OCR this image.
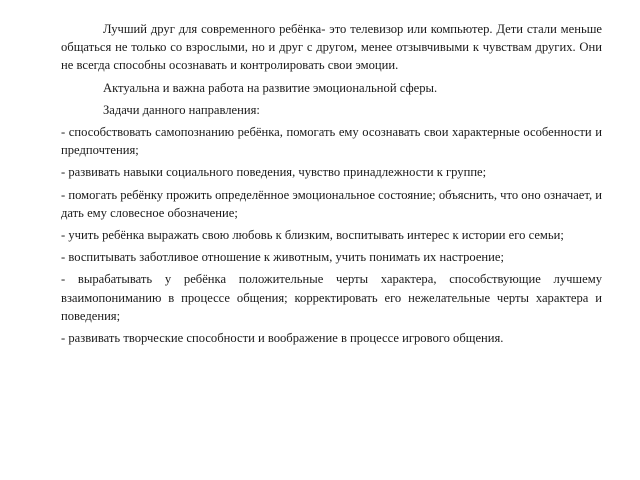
Лучший друг для современного ребёнка- это телевизор или компьютер. Дети стали меньше общаться не только со взрослыми, но и друг с другом, менее отзывчивыми к чувствам других. Они не всегда способны осознавать и контролировать свои эмоции.

Актуальна и важна работа на развитие эмоциональной сферы.

Задачи данного направления:

- способствовать самопознанию ребёнка, помогать ему осознавать свои характерные особенности и предпочтения;

- развивать навыки социального поведения, чувство принадлежности к группе;

- помогать ребёнку прожить определённое эмоциональное состояние; объяснить, что оно означает, и дать ему словесное обозначение;

- учить ребёнка выражать свою любовь к близким, воспитывать интерес к истории его семьи;

- воспитывать заботливое отношение к животным, учить понимать их настроение;

- вырабатывать у ребёнка положительные черты характера, способствующие лучшему взаимопониманию в процессе общения; корректировать его нежелательные черты характера и поведения;

- развивать творческие способности и воображение в процессе игрового общения.
